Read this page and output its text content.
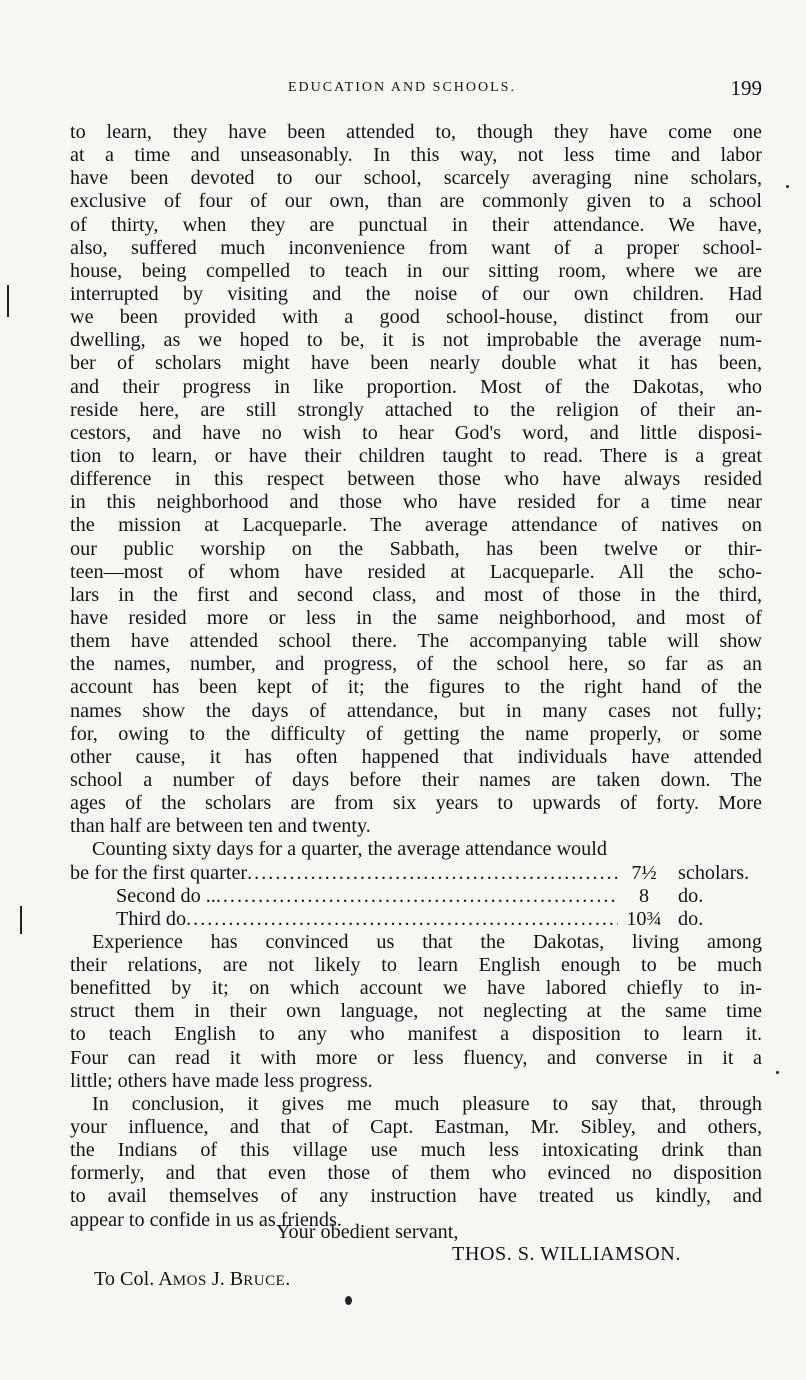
EDUCATION AND SCHOOLS.	199
to learn, they have been attended to, though they have come one
at a time and unseasonably. In this way, not less time and labor
have been devoted to our school, scarcely averaging nine scholars,
exclusive of four of our own, than are commonly given to a school
of thirty, when they are punctual in their attendance. We have,
also, suffered much inconvenience from want of a proper school-
house, being compelled to teach in our sitting room, where we are
interrupted by visiting and the noise of our own children. Had
we been provided with a good school-house, distinct from our
dwelling, as we hoped to be, it is not improbable the average num-
ber of scholars might have been nearly double what it has been,
and their progress in like proportion. Most of the Dakotas, who
reside here, are still strongly attached to the religion of their an-
cestors, and have no wish to hear God's word, and little disposi-
tion to learn, or have their children taught to read. There is a great
difference in this respect between those who have always resided
in this neighborhood and those who have resided for a time near
the mission at Lacqueparle. The average attendance of natives on
our public worship on the Sabbath, has been twelve or thir-
teen—most of whom have resided at Lacqueparle. All the scho-
lars in the first and second class, and most of those in the third,
have resided more or less in the same neighborhood, and most of
them have attended school there. The accompanying table will show
the names, number, and progress, of the school here, so far as an
account has been kept of it; the figures to the right hand of the
names show the days of attendance, but in many cases not fully;
for, owing to the difficulty of getting the name properly, or some
other cause, it has often happened that individuals have attended
school a number of days before their names are taken down. The
ages of the scholars are from six years to upwards of forty. More
than half are between ten and twenty.
Counting sixty days for a quarter, the average attendance would
be for the first quarter .....	7½	scholars.
Second do .. .....	8	do.
Third do .....	10¾ do.
Experience has convinced us that the Dakotas, living among
their relations, are not likely to learn English enough to be much
benefitted by it; on which account we have labored chiefly to in-
struct them in their own language, not neglecting at the same time
to teach English to any who manifest a disposition to learn it.
Four can read it with more or less fluency, and converse in it a
little; others have made less progress.
In conclusion, it gives me much pleasure to say that, through
your influence, and that of Capt. Eastman, Mr. Sibley, and others,
the Indians of this village use much less intoxicating drink than
formerly, and that even those of them who evinced no disposition
to avail themselves of any instruction have treated us kindly, and
appear to confide in us as friends.
Your obedient servant,
THOS. S. WILLIAMSON.
To Col. AMOS J. BRUCE.
